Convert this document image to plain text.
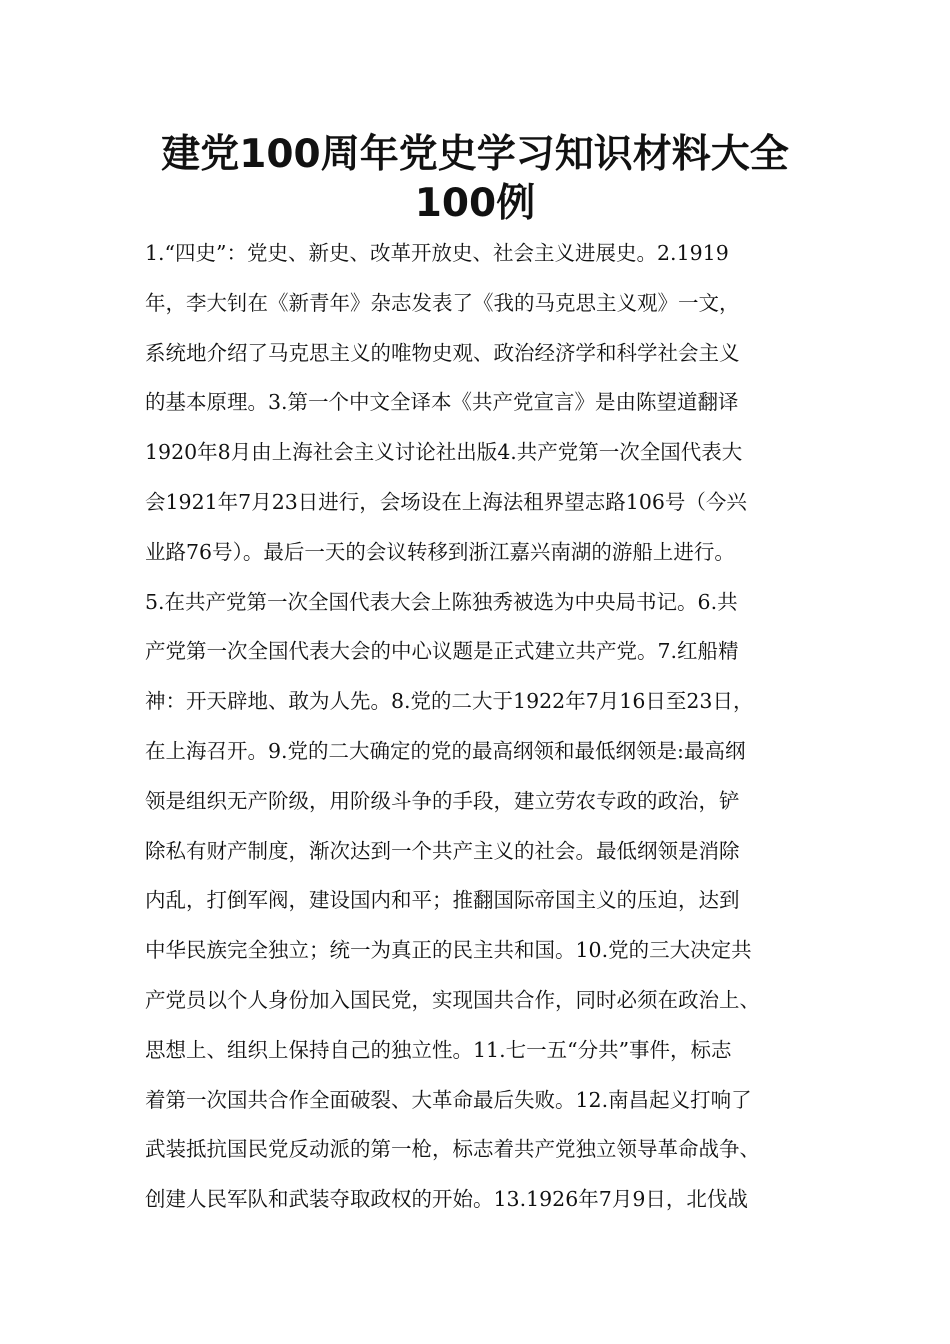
建党100周年党史学习知识材料大全
100例
1.“四史”：党史、新史、改革开放史、社会主义进展史。2.1919
年，李大钊在《新青年》杂志发表了《我的马克思主义观》一文，
系统地介绍了马克思主义的唯物史观、政治经济学和科学社会主义
的基本原理。3.第一个中文全译本《共产党宣言》是由陈望道翻译
1920年8月由上海社会主义讨论社出版4.共产党第一次全国代表大
会1921年7月23日进行，会场设在上海法租界望志路106号（今兴
业路76号）。最后一天的会议转移到浙江嘉兴南湖的游船上进行。
5.在共产党第一次全国代表大会上陈独秀被选为中央局书记。6.共
产党第一次全国代表大会的中心议题是正式建立共产党。7.红船精
神：开天辟地、敢为人先。8.党的二大于1922年7月16日至23日，
在上海召开。9.党的二大确定的党的最高纲领和最低纲领是:最高纲
领是组织无产阶级，用阶级斗争的手段，建立劳农专政的政治，铲
除私有财产制度，渐次达到一个共产主义的社会。最低纲领是消除
内乱，打倒军阀，建设国内和平；推翻国际帝国主义的压迫，达到
中华民族完全独立；统一为真正的民主共和国。10.党的三大决定共
产党员以个人身份加入国民党，实现国共合作，同时必须在政治上、
思想上、组织上保持自己的独立性。11.七一五“分共”事件，标志
着第一次国共合作全面破裂、大革命最后失败。12.南昌起义打响了
武装抵抗国民党反动派的第一枪，标志着共产党独立领导革命战争、
创建人民军队和武装夺取政权的开始。13.1926年7月9日，北伐战
